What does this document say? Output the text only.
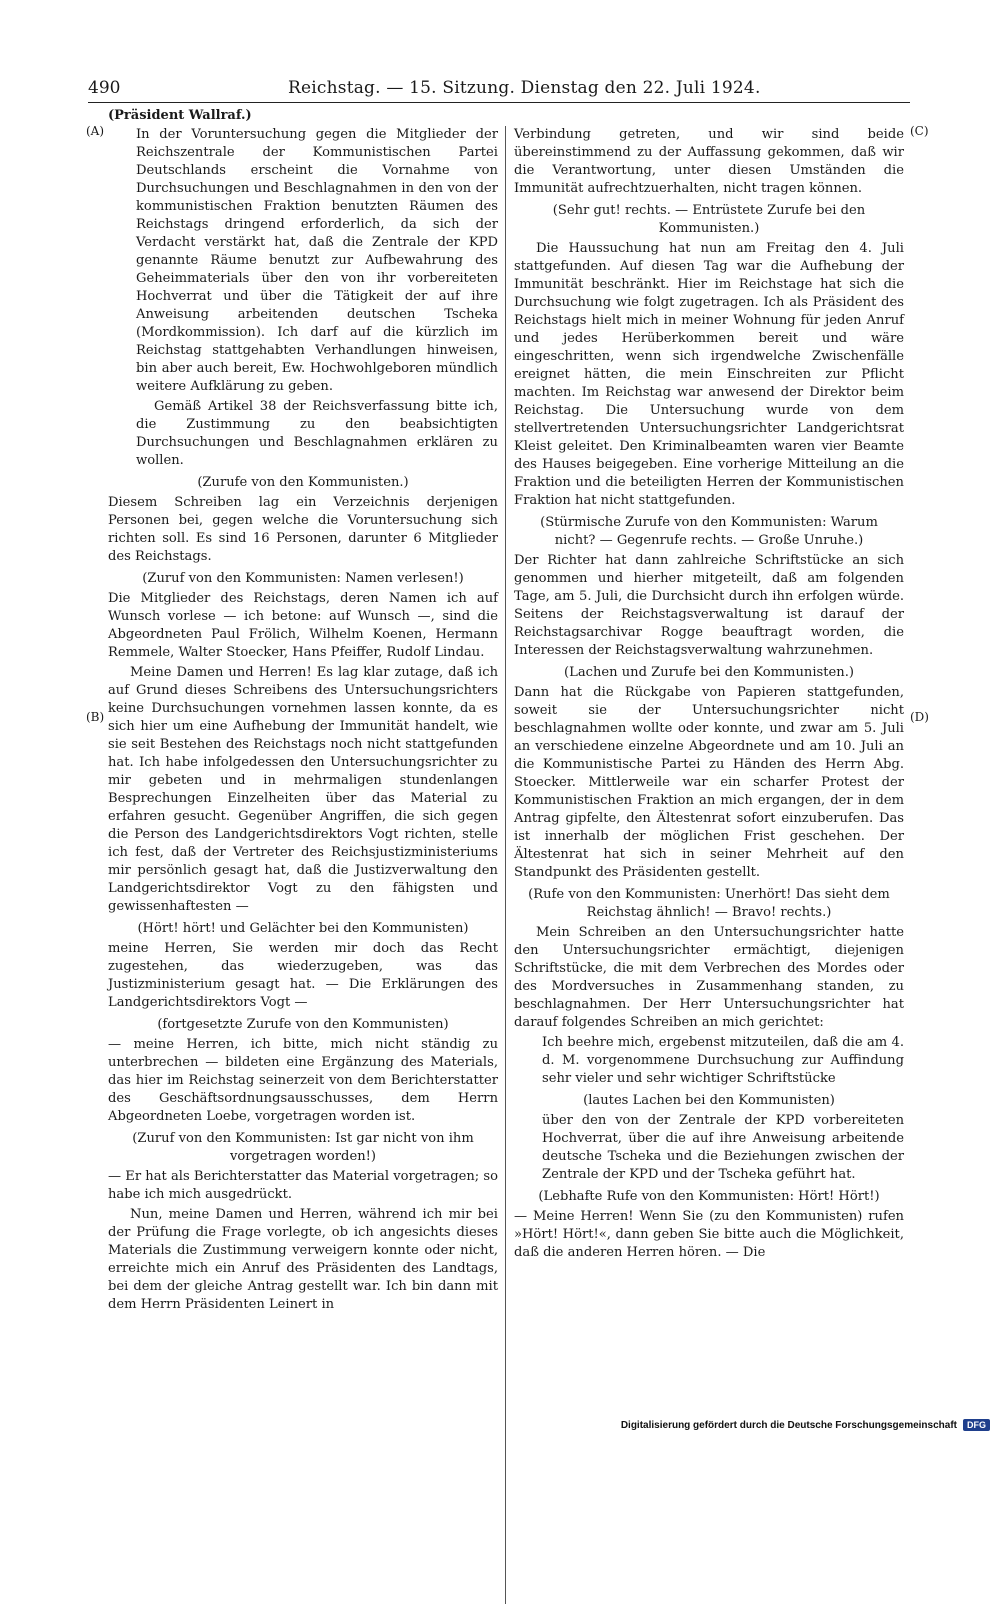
490	Reichstag. — 15. Sitzung. Dienstag den 22. Juli 1924.
(Präsident Wallraf.)
(A)
(B)
(C)
(D)

In der Voruntersuchung gegen die Mitglieder der Reichszentrale der Kommunistischen Partei Deutschlands erscheint die Vornahme von Durchsuchungen und Beschlagnahmen in den von der kommunistischen Fraktion benutzten Räumen des Reichstags dringend erforderlich, da sich der Verdacht verstärkt hat, daß die Zentrale der KPD genannte Räume benutzt zur Aufbewahrung des Geheimmaterials über den von ihr vorbereiteten Hochverrat und über die Tätigkeit der auf ihre Anweisung arbeitenden deutschen Tscheka (Mordkommission). Ich darf auf die kürzlich im Reichstag stattgehabten Verhandlungen hinweisen, bin aber auch bereit, Ew. Hochwohlgeboren mündlich weitere Aufklärung zu geben.

Gemäß Artikel 38 der Reichsverfassung bitte ich, die Zustimmung zu den beabsichtigten Durchsuchungen und Beschlagnahmen erklären zu wollen.

(Zurufe von den Kommunisten.)

Diesem Schreiben lag ein Verzeichnis derjenigen Personen bei, gegen welche die Voruntersuchung sich richten soll. Es sind 16 Personen, darunter 6 Mitglieder des Reichstags.

(Zuruf von den Kommunisten: Namen verlesen!)

Die Mitglieder des Reichstags, deren Namen ich auf Wunsch vorlese — ich betone: auf Wunsch —, sind die Abgeordneten Paul Frölich, Wilhelm Koenen, Hermann Remmele, Walter Stoecker, Hans Pfeiffer, Rudolf Lindau.

Meine Damen und Herren! Es lag klar zutage, daß ich auf Grund dieses Schreibens des Untersuchungsrichters keine Durchsuchungen vornehmen lassen konnte, da es sich hier um eine Aufhebung der Immunität handelt, wie sie seit Bestehen des Reichstags noch nicht stattgefunden hat. Ich habe infolgedessen den Untersuchungsrichter zu mir gebeten und in mehrmaligen stundenlangen Besprechungen Einzelheiten über das Material zu erfahren gesucht. Gegenüber Angriffen, die sich gegen die Person des Landgerichtsdirektors Vogt richten, stelle ich fest, daß der Vertreter des Reichsjustizministeriums mir persönlich gesagt hat, daß die Justizverwaltung den Landgerichtsdirektor Vogt zu den fähigsten und gewissenhaftesten —

(Hört! hört! und Gelächter bei den Kommunisten)

meine Herren, Sie werden mir doch das Recht zugestehen, das wiederzugeben, was das Justizministerium gesagt hat. — Die Erklärungen des Landgerichtsdirektors Vogt —

(fortgesetzte Zurufe von den Kommunisten)

— meine Herren, ich bitte, mich nicht ständig zu unterbrechen — bildeten eine Ergänzung des Materials, das hier im Reichstag seinerzeit von dem Berichterstatter des Geschäftsordnungsausschusses, dem Herrn Abgeordneten Loebe, vorgetragen worden ist.

(Zuruf von den Kommunisten: Ist gar nicht von ihm vorgetragen worden!)

— Er hat als Berichterstatter das Material vorgetragen; so habe ich mich ausgedrückt.

Nun, meine Damen und Herren, während ich mir bei der Prüfung die Frage vorlegte, ob ich angesichts dieses Materials die Zustimmung verweigern konnte oder nicht, erreichte mich ein Anruf des Präsidenten des Landtags, bei dem der gleiche Antrag gestellt war. Ich bin dann mit dem Herrn Präsidenten Leinert in

Verbindung getreten, und wir sind beide übereinstimmend zu der Auffassung gekommen, daß wir die Verantwortung, unter diesen Umständen die Immunität aufrechtzuerhalten, nicht tragen können.

(Sehr gut! rechts. — Entrüstete Zurufe bei den Kommunisten.)

Die Haussuchung hat nun am Freitag den 4. Juli stattgefunden. Auf diesen Tag war die Aufhebung der Immunität beschränkt. Hier im Reichstage hat sich die Durchsuchung wie folgt zugetragen. Ich als Präsident des Reichstags hielt mich in meiner Wohnung für jeden Anruf und jedes Herüberkommen bereit und wäre eingeschritten, wenn sich irgendwelche Zwischenfälle ereignet hätten, die mein Einschreiten zur Pflicht machten. Im Reichstag war anwesend der Direktor beim Reichstag. Die Untersuchung wurde von dem stellvertretenden Untersuchungsrichter Landgerichtsrat Kleist geleitet. Den Kriminalbeamten waren vier Beamte des Hauses beigegeben. Eine vorherige Mitteilung an die Fraktion und die beteiligten Herren der Kommunistischen Fraktion hat nicht stattgefunden.

(Stürmische Zurufe von den Kommunisten: Warum nicht? — Gegenrufe rechts. — Große Unruhe.)

Der Richter hat dann zahlreiche Schriftstücke an sich genommen und hierher mitgeteilt, daß am folgenden Tage, am 5. Juli, die Durchsicht durch ihn erfolgen würde. Seitens der Reichstagsverwaltung ist darauf der Reichstagsarchivar Rogge beauftragt worden, die Interessen der Reichstagsverwaltung wahrzunehmen.

(Lachen und Zurufe bei den Kommunisten.)

Dann hat die Rückgabe von Papieren stattgefunden, soweit sie der Untersuchungsrichter nicht beschlagnahmen wollte oder konnte, und zwar am 5. Juli an verschiedene einzelne Abgeordnete und am 10. Juli an die Kommunistische Partei zu Händen des Herrn Abg. Stoecker. Mittlerweile war ein scharfer Protest der Kommunistischen Fraktion an mich ergangen, der in dem Antrag gipfelte, den Ältestenrat sofort einzuberufen. Das ist innerhalb der möglichen Frist geschehen. Der Ältestenrat hat sich in seiner Mehrheit auf den Standpunkt des Präsidenten gestellt.

(Rufe von den Kommunisten: Unerhört! Das sieht dem Reichstag ähnlich! — Bravo! rechts.)

Mein Schreiben an den Untersuchungsrichter hatte den Untersuchungsrichter ermächtigt, diejenigen Schriftstücke, die mit dem Verbrechen des Mordes oder des Mordversuches in Zusammenhang standen, zu beschlagnahmen. Der Herr Untersuchungsrichter hat darauf folgendes Schreiben an mich gerichtet:

Ich beehre mich, ergebenst mitzuteilen, daß die am 4. d. M. vorgenommene Durchsuchung zur Auffindung sehr vieler und sehr wichtiger Schriftstücke

(lautes Lachen bei den Kommunisten)

über den von der Zentrale der KPD vorbereiteten Hochverrat, über die auf ihre Anweisung arbeitende deutsche Tscheka und die Beziehungen zwischen der Zentrale der KPD und der Tscheka geführt hat.

(Lebhafte Rufe von den Kommunisten: Hört! Hört!)

— Meine Herren! Wenn Sie (zu den Kommunisten) rufen »Hört! Hört!«, dann geben Sie bitte auch die Möglichkeit, daß die anderen Herren hören. — Die

Digitalisierung gefördert durch die Deutsche Forschungsgemeinschaft	DFG
